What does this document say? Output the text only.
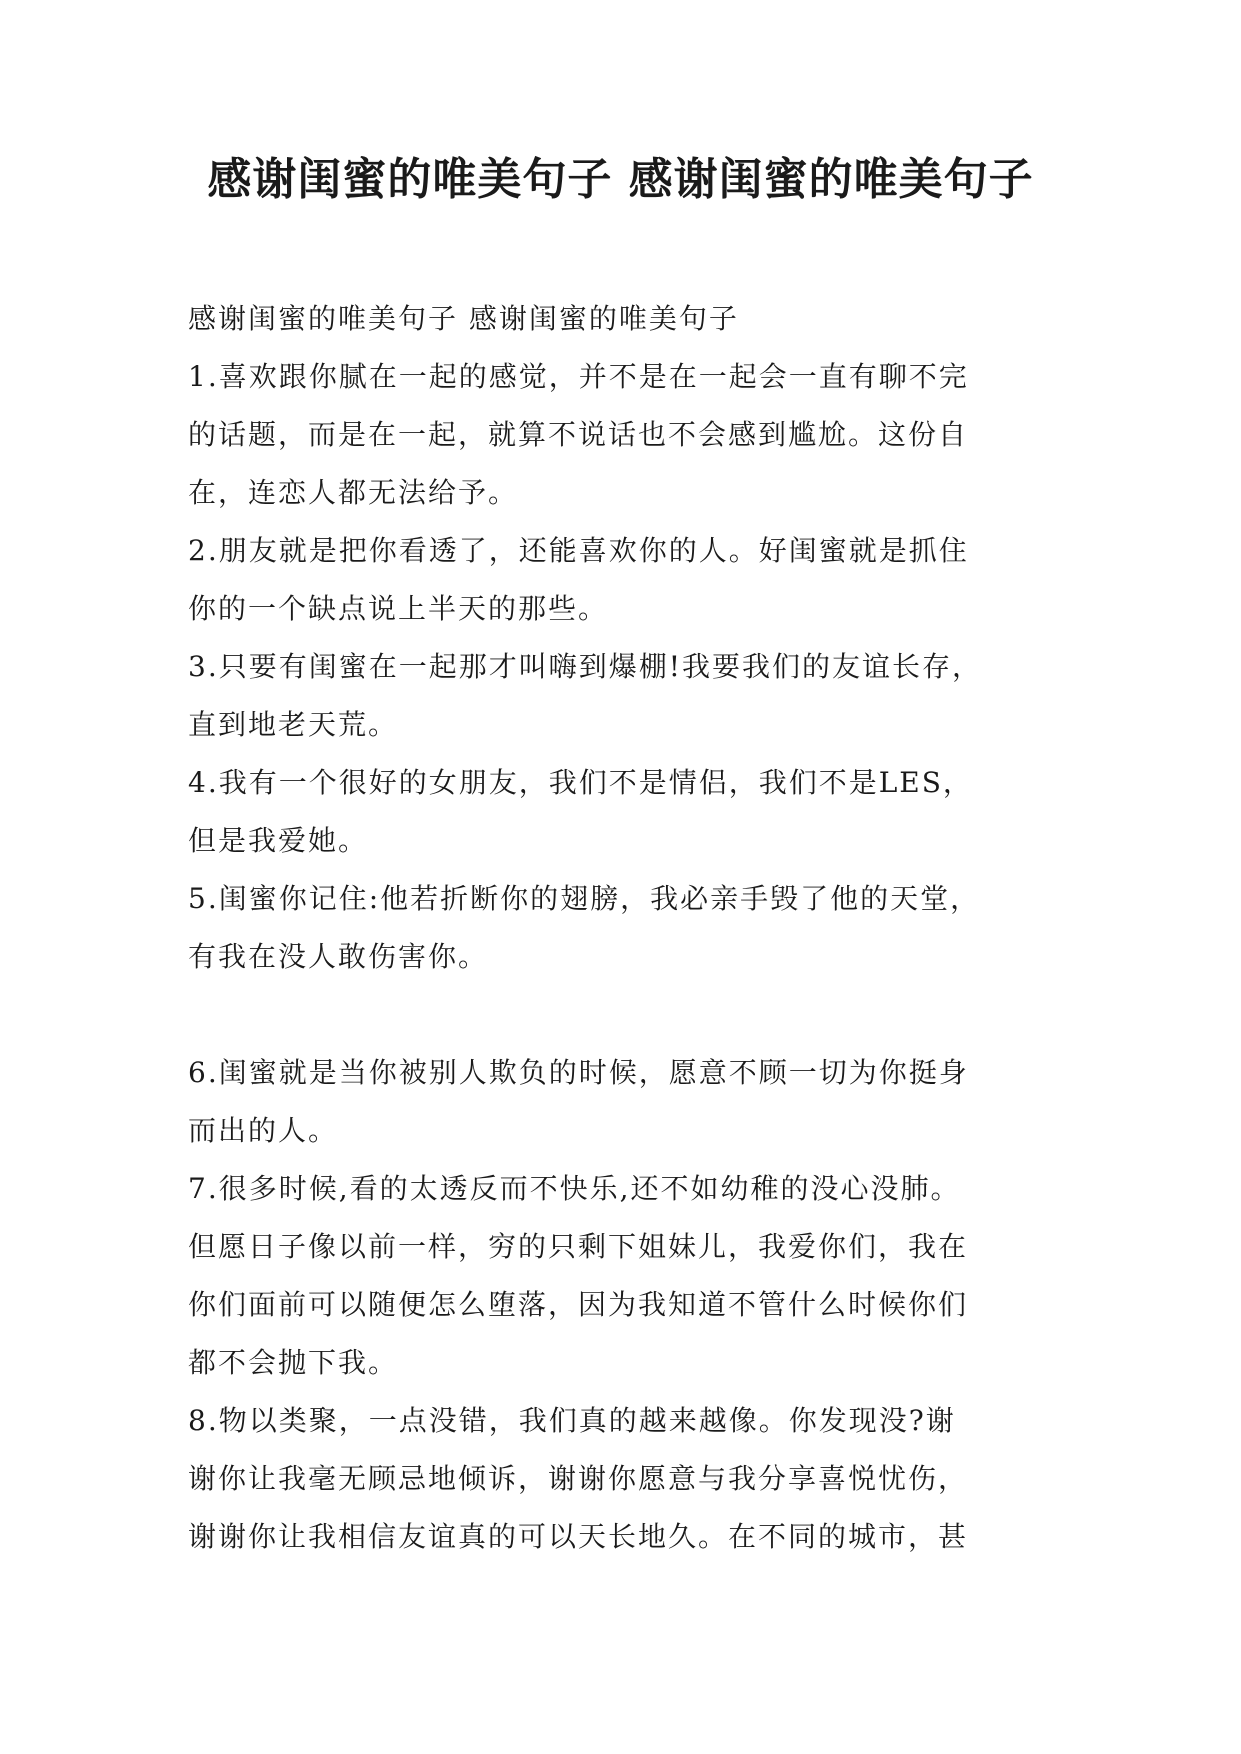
感谢闺蜜的唯美句子 感谢闺蜜的唯美句子

感谢闺蜜的唯美句子 感谢闺蜜的唯美句子

1.喜欢跟你腻在一起的感觉，并不是在一起会一直有聊不完
的话题，而是在一起，就算不说话也不会感到尴尬。这份自
在，连恋人都无法给予。

2.朋友就是把你看透了，还能喜欢你的人。好闺蜜就是抓住
你的一个缺点说上半天的那些。

3.只要有闺蜜在一起那才叫嗨到爆棚!我要我们的友谊长存，
直到地老天荒。

4.我有一个很好的女朋友，我们不是情侣，我们不是LES，
但是我爱她。

5.闺蜜你记住:他若折断你的翅膀，我必亲手毁了他的天堂，
有我在没人敢伤害你。

6.闺蜜就是当你被别人欺负的时候，愿意不顾一切为你挺身
而出的人。

7.很多时候,看的太透反而不快乐,还不如幼稚的没心没肺。
但愿日子像以前一样，穷的只剩下姐妹儿，我爱你们，我在
你们面前可以随便怎么堕落，因为我知道不管什么时候你们
都不会抛下我。

8.物以类聚，一点没错，我们真的越来越像。你发现没?谢
谢你让我毫无顾忌地倾诉，谢谢你愿意与我分享喜悦忧伤，
谢谢你让我相信友谊真的可以天长地久。在不同的城市，甚
